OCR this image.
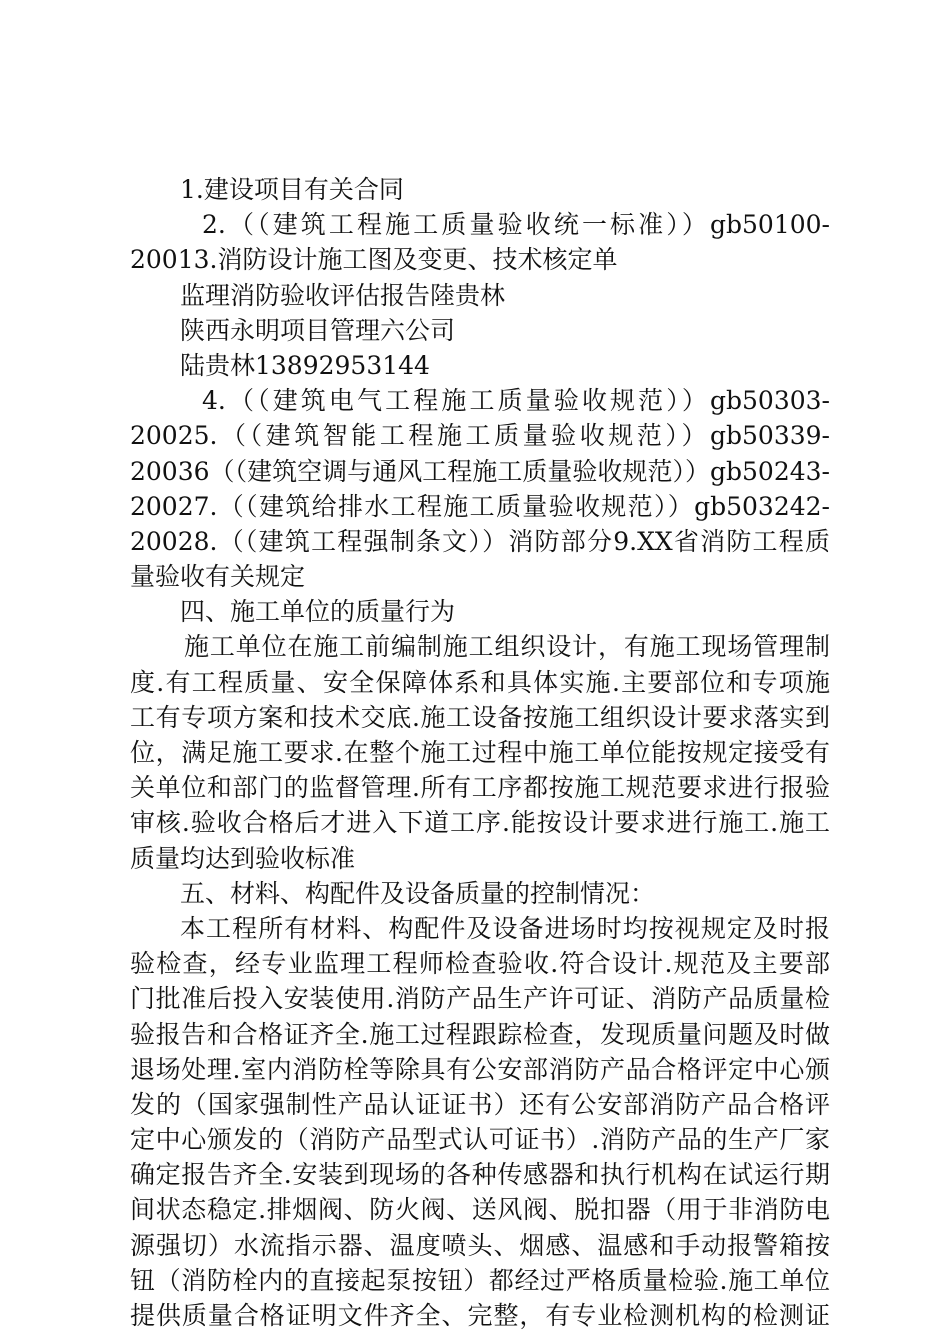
1.建设项目有关合同
2.（（建筑工程施工质量验收统一标准））gb50100-
20013.消防设计施工图及变更、技术核定单
监理消防验收评估报告陸贵林
陕西永明项目管理六公司
陆贵林13892953144
4.（（建筑电气工程施工质量验收规范））gb50303-
20025.（（建筑智能工程施工质量验收规范））gb50339-
20036（（建筑空调与通风工程施工质量验收规范））gb50243-
20027.（（建筑给排水工程施工质量验收规范））gb503242-
20028.（（建筑工程强制条文））消防部分9.XX省消防工程质
量验收有关规定
四、施工单位的质量行为
施工单位在施工前编制施工组织设计，有施工现场管理制
度.有工程质量、安全保障体系和具体实施.主要部位和专项施
工有专项方案和技术交底.施工设备按施工组织设计要求落实到
位，满足施工要求.在整个施工过程中施工单位能按规定接受有
关单位和部门的监督管理.所有工序都按施工规范要求进行报验
审核.验收合格后才进入下道工序.能按设计要求进行施工.施工
质量均达到验收标准
五、材料、构配件及设备质量的控制情况：
本工程所有材料、构配件及设备进场时均按视规定及时报
验检查，经专业监理工程师检查验收.符合设计.规范及主要部
门批准后投入安装使用.消防产品生产许可证、消防产品质量检
验报告和合格证齐全.施工过程跟踪检查，发现质量问题及时做
退场处理.室内消防栓等除具有公安部消防产品合格评定中心颁
发的（国家强制性产品认证证书）还有公安部消防产品合格评
定中心颁发的（消防产品型式认可证书）.消防产品的生产厂家
确定报告齐全.安装到现场的各种传感器和执行机构在试运行期
间状态稳定.排烟阀、防火阀、送风阀、脱扣器（用于非消防电
源强切）水流指示器、温度喷头、烟感、温感和手动报警箱按
钮（消防栓内的直接起泵按钮）都经过严格质量检验.施工单位
提供质量合格证明文件齐全、完整，有专业检测机构的检测证
